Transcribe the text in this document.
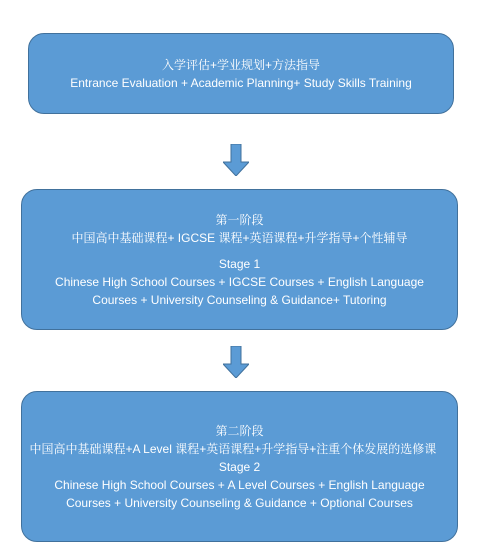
入学评估+学业规划+方法指导
Entrance Evaluation + Academic Planning+ Study Skills Training
第一阶段
中国高中基础课程+ IGCSE 课程+英语课程+升学指导+个性辅导
Stage 1
Chinese High School Courses + IGCSE Courses + English Language
Courses + University Counseling & Guidance+ Tutoring
第二阶段
中国高中基础课程+A Level 课程+英语课程+升学指导+注重个体发展的选修课
Stage 2
Chinese High School Courses + A Level Courses + English Language
Courses + University Counseling & Guidance + Optional Courses
